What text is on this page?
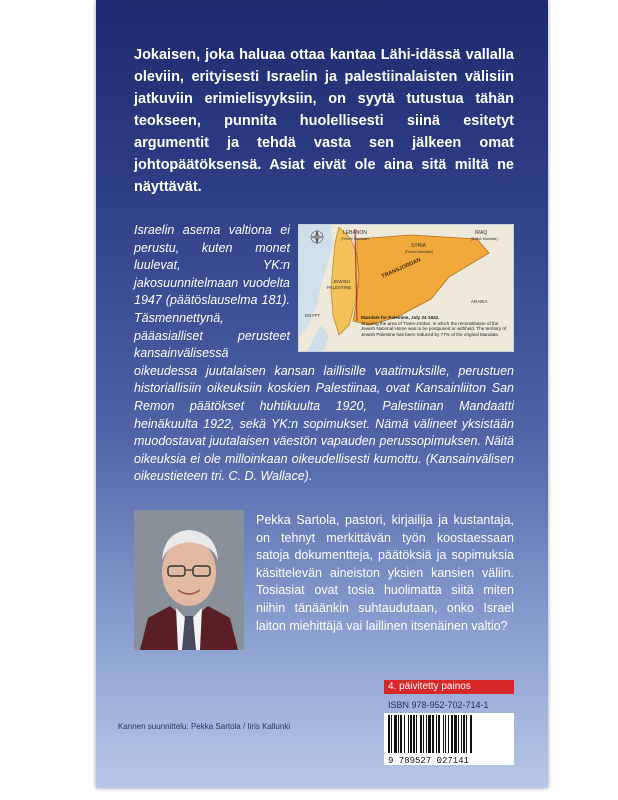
Jokaisen, joka haluaa ottaa kantaa Lähi-idässä vallalla oleviin, erityisesti Israelin ja palestiinalaisten välisiin jatkuviin erimielisyyksiin, on syytä tutustua tähän teokseen, punnita huolellisesti siinä esitetyt argumentit ja tehdä vasta sen jälkeen omat johtopäätöksensä. Asiat eivät ole aina sitä miltä ne näyttävät.

LEBANON
(French Mandate)
SYRIA
(French Mandate)
IRAQ
(British Mandate)
TRANSJORDAN
JEWISH
PALESTINE
EGYPT
ARABIA
Mandate for Palestine, July 24 1922.
Showing the area of Trans-Jordan, in which the reconstitution of the Jewish National Home was to be postponed or withheld. The territory of Jewish Palestine has been reduced by 77% of the original Mandate.

Israelin asema valtiona ei perustu, kuten monet luulevat, YK:n jakosuunnitelmaan vuodelta 1947 (päätöslauselma 181). Täsmennettynä, pääasialliset perusteet kansainvälisessä oikeudessa juutalaisen kansan laillisille vaatimuksille, perustuen historiallisiin oikeuksiin koskien Palestiinaa, ovat Kansainliiton San Remon päätökset huhtikuulta 1920, Palestiinan Mandaatti heinäkuulta 1922, sekä YK:n sopimukset. Nämä välineet yksistään muodostavat juutalaisen väestön vapauden perussopimuksen. Näitä oikeuksia ei ole milloinkaan oikeudellisesti kumottu. (Kansainvälisen oikeustieteen tri. C. D. Wallace).

Pekka Sartola, pastori, kirjailija ja kustantaja, on tehnyt merkittävän työn koostaessaan satoja dokumentteja, päätöksiä ja sopimuksia käsittelevän aineiston yksien kansien väliin. Tosiasiat ovat tosia huolimatta siitä miten niihin tänäänkin suhtaudutaan, onko Israel laiton miehittäjä vai laillinen itsenäinen valtio?

4. päivitetty painos
ISBN 978-952-702-714-1
9 789527 027141
Kannen suunnittelu: Pekka Sartola / Iiris Kallunki
